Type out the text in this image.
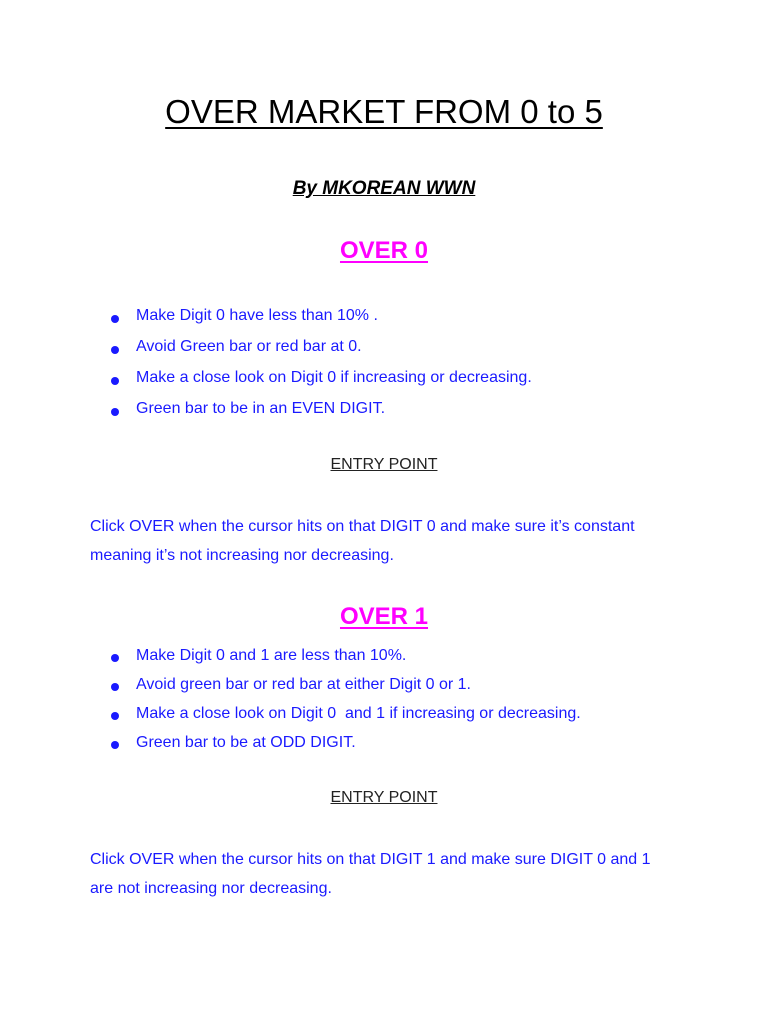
OVER MARKET FROM 0 to 5
By MKOREAN WWN
OVER 0
Make Digit 0 have less than 10% .
Avoid Green bar or red bar at 0.
Make a close look on Digit 0 if increasing or decreasing.
Green bar to be in an EVEN DIGIT.
ENTRY POINT
Click OVER when the cursor hits on that DIGIT 0 and make sure it’s constant
meaning it’s not increasing nor decreasing.
OVER 1
Make Digit 0 and 1 are less than 10%.
Avoid green bar or red bar at either Digit 0 or 1.
Make a close look on Digit 0  and 1 if increasing or decreasing.
Green bar to be at ODD DIGIT.
ENTRY POINT
Click OVER when the cursor hits on that DIGIT 1 and make sure DIGIT 0 and 1
are not increasing nor decreasing.
